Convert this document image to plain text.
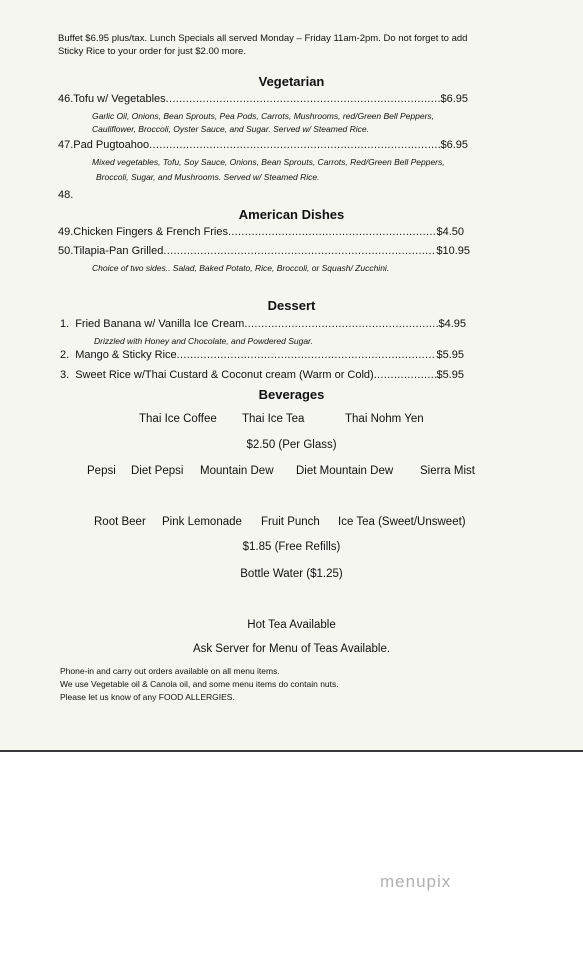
Buffet $6.95 plus/tax. Lunch Specials all served Monday – Friday 11am-2pm. Do not forget to add
Sticky Rice to your order for just $2.00 more.
Vegetarian
46.Tofu w/ Vegetables .....	$6.95
Garlic Oil, Onions, Bean Sprouts, Pea Pods, Carrots, Mushrooms, red/Green Bell Peppers,
Cauliflower, Broccoli, Oyster Sauce, and Sugar. Served w/ Steamed Rice.
47.Pad Pugtoahoo .....	$6.95
Mixed vegetables, Tofu, Soy Sauce, Onions, Bean Sprouts, Carrots, Red/Green Bell Peppers,
Broccoli, Sugar, and Mushrooms. Served w/ Steamed Rice.
48.
American Dishes
49.Chicken Fingers & French Fries .....	$4.50
50.Tilapia-Pan Grilled .....	$10.95
Choice of two sides.. Salad, Baked Potato, Rice, Broccoli, or Squash/ Zucchini.
Dessert
1. Fried Banana w/ Vanilla Ice Cream .....	$4.95
Drizzled with Honey and Chocolate, and Powdered Sugar.
2. Mango & Sticky Rice .....	$5.95
3. Sweet Rice w/Thai Custard & Coconut cream (Warm or Cold) .....	$5.95
Beverages
Thai Ice Coffee Thai Ice Tea	Thai Nohm Yen
$2.50 (Per Glass)
Pepsi Diet Pepsi Mountain Dew Diet Mountain Dew Sierra Mist
Root Beer Pink Lemonade Fruit Punch Ice Tea (Sweet/Unsweet)
$1.85 (Free Refills)
Bottle Water ($1.25)
Hot Tea Available
Ask Server for Menu of Teas Available.
Phone-in and carry out orders available on all menu items.
We use Vegetable oil & Canola oil, and some menu items do contain nuts.
Please let us know of any FOOD ALLERGIES.
menupix
